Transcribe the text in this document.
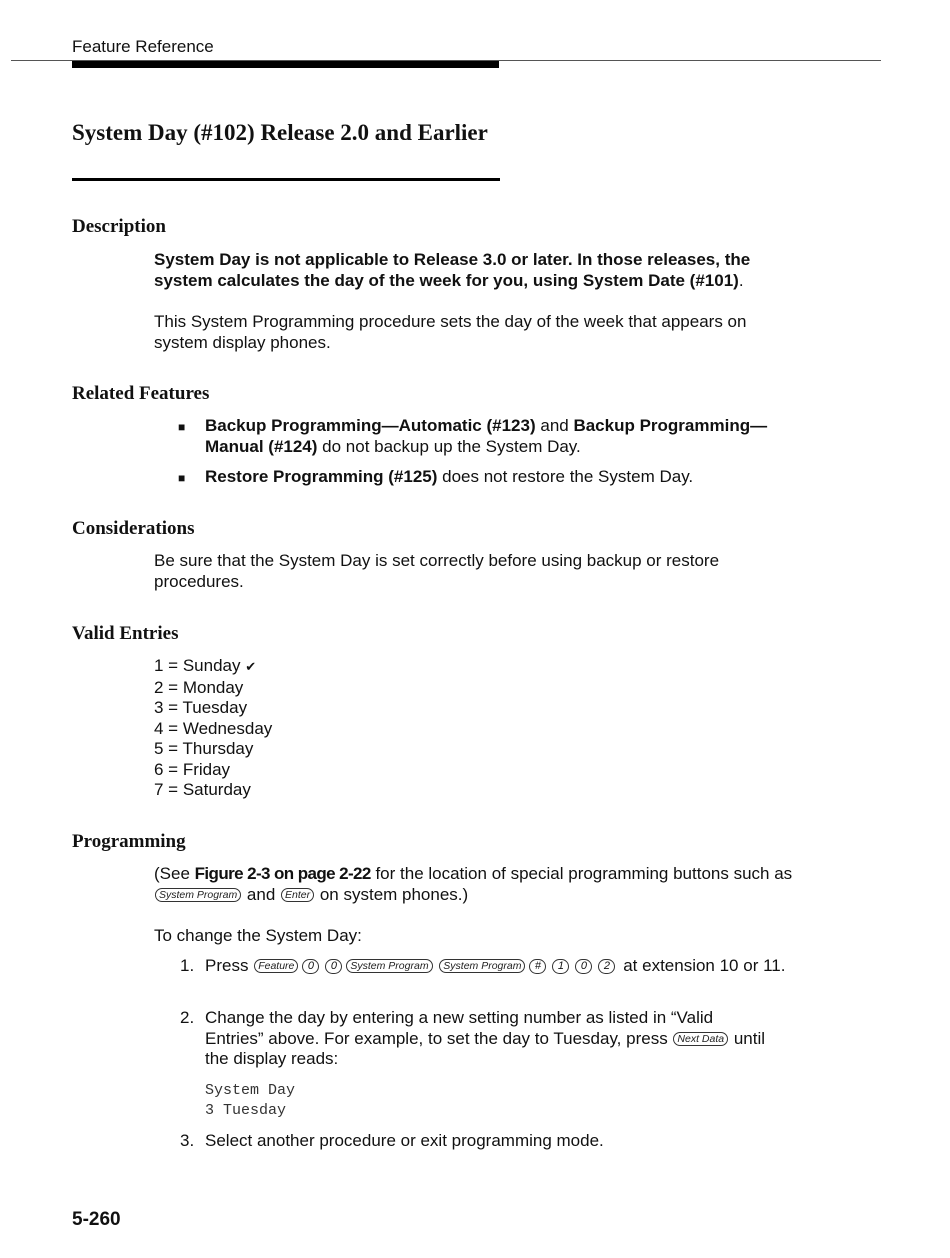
Feature Reference
System Day (#102) Release 2.0 and Earlier
Description
System Day is not applicable to Release 3.0 or later. In those releases, the system calculates the day of the week for you, using System Date (#101).
This System Programming procedure sets the day of the week that appears on system display phones.
Related Features
■	Backup Programming—Automatic (#123) and Backup Programming—Manual (#124) do not backup up the System Day.
■	Restore Programming (#125) does not restore the System Day.
Considerations
Be sure that the System Day is set correctly before using backup or restore procedures.
Valid Entries
1 = Sunday ✔
2 = Monday
3 = Tuesday
4 = Wednesday
5 = Thursday
6 = Friday
7 = Saturday
Programming
(See Figure 2-3 on page 2-22 for the location of special programming buttons such as System Program and Enter on system phones.)
To change the System Day:
1. Press Feature 0 0 System Program System Program # 1 0 2 at extension 10 or 11.
2. Change the day by entering a new setting number as listed in “Valid Entries” above. For example, to set the day to Tuesday, press Next Data until the display reads:
System Day
3 Tuesday
3. Select another procedure or exit programming mode.
5-260
